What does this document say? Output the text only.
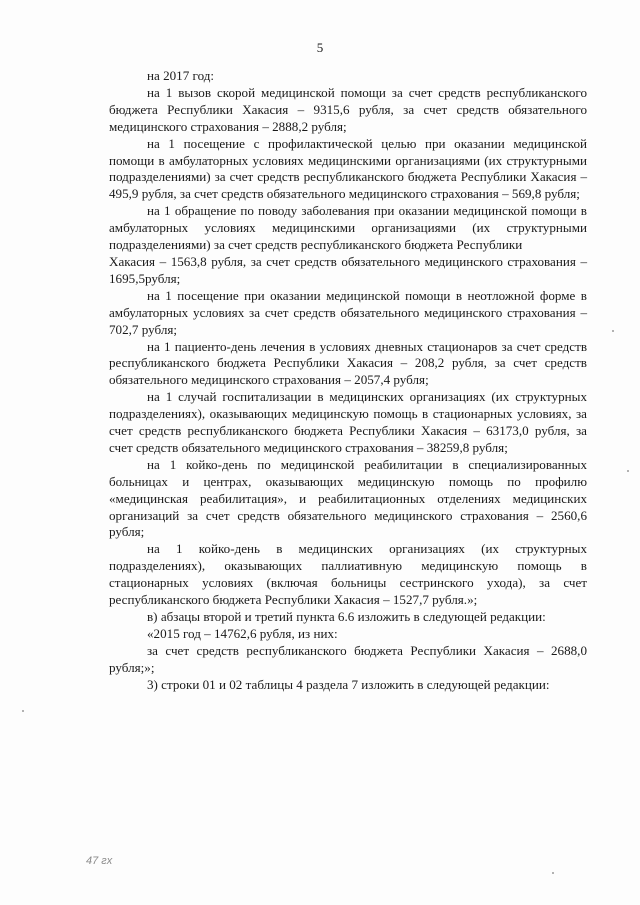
5

на 2017 год:

на 1 вызов скорой медицинской помощи за счет средств республиканского бюджета Республики Хакасия – 9315,6 рубля, за счет средств обязательного медицинского страхования – 2888,2 рубля;

на 1 посещение с профилактической целью при оказании медицинской помощи в амбулаторных условиях медицинскими организациями (их структурными подразделениями) за счет средств республиканского бюджета Республики Хакасия – 495,9 рубля, за счет средств обязательного медицинского страхования – 569,8 рубля;

на 1 обращение по поводу заболевания при оказании медицинской помощи в амбулаторных условиях медицинскими организациями (их структурными подразделениями) за счет средств республиканского бюджета Республики

Хакасия – 1563,8 рубля, за счет средств обязательного медицинского страхования – 1695,5рубля;

на 1 посещение при оказании медицинской помощи в неотложной форме в амбулаторных условиях за счет средств обязательного медицинского страхования – 702,7 рубля;

на 1 пациенто-день лечения в условиях дневных стационаров за счет средств республиканского бюджета Республики Хакасия – 208,2 рубля, за счет средств обязательного медицинского страхования – 2057,4 рубля;

на 1 случай госпитализации в медицинских организациях (их структурных подразделениях), оказывающих медицинскую помощь в стационарных условиях, за счет средств республиканского бюджета Республики Хакасия – 63173,0 рубля, за счет средств обязательного медицинского страхования – 38259,8 рубля;

на 1 койко-день по медицинской реабилитации в специализированных больницах и центрах, оказывающих медицинскую помощь по профилю «медицинская реабилитация», и реабилитационных отделениях медицинских организаций за счет средств обязательного медицинского страхования – 2560,6 рубля;

на 1 койко-день в медицинских организациях (их структурных подразделениях), оказывающих паллиативную медицинскую помощь в стационарных условиях (включая больницы сестринского ухода), за счет республиканского бюджета Республики Хакасия – 1527,7 рубля.»;

в) абзацы второй и третий пункта 6.6 изложить в следующей редакции:

«2015 год – 14762,6 рубля, из них:

за счет средств республиканского бюджета Республики Хакасия – 2688,0 рубля;»;

3) строки 01 и 02 таблицы 4 раздела 7 изложить в следующей редакции:

47 гх
